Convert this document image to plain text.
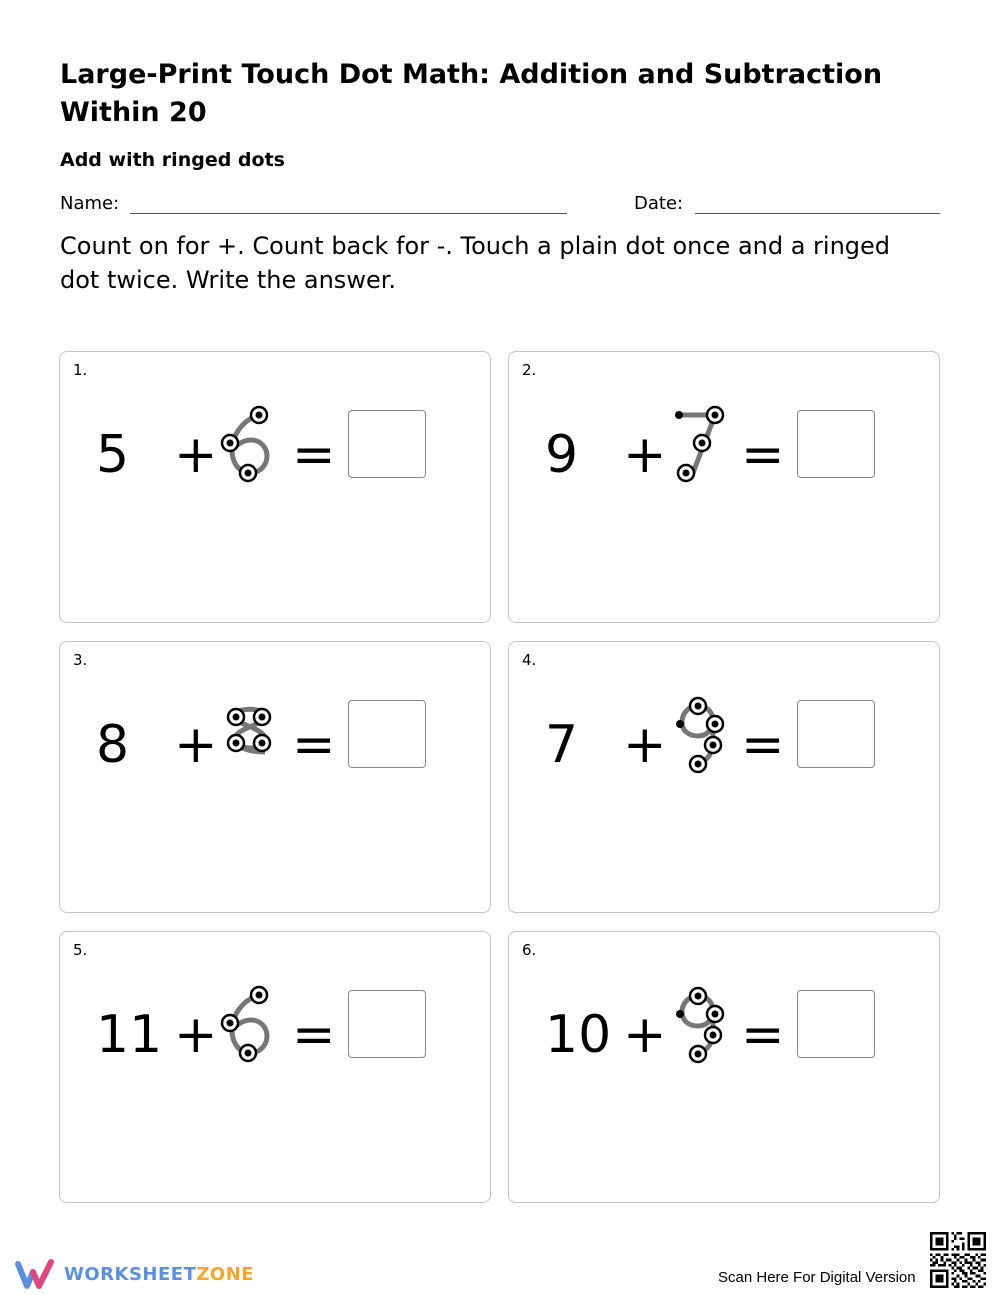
Large-Print Touch Dot Math: Addition and Subtraction Within 20
Add with ringed dots
Name:	Date:
Count on for +. Count back for -. Touch a plain dot once and a ringed dot twice. Write the answer.
1.
5 + =
2.
9 + =
3.
8 + =
4.
7 + =
5.
11 + =
6.
10 + =
WORKSHEETZONE	Scan Here For Digital Version
